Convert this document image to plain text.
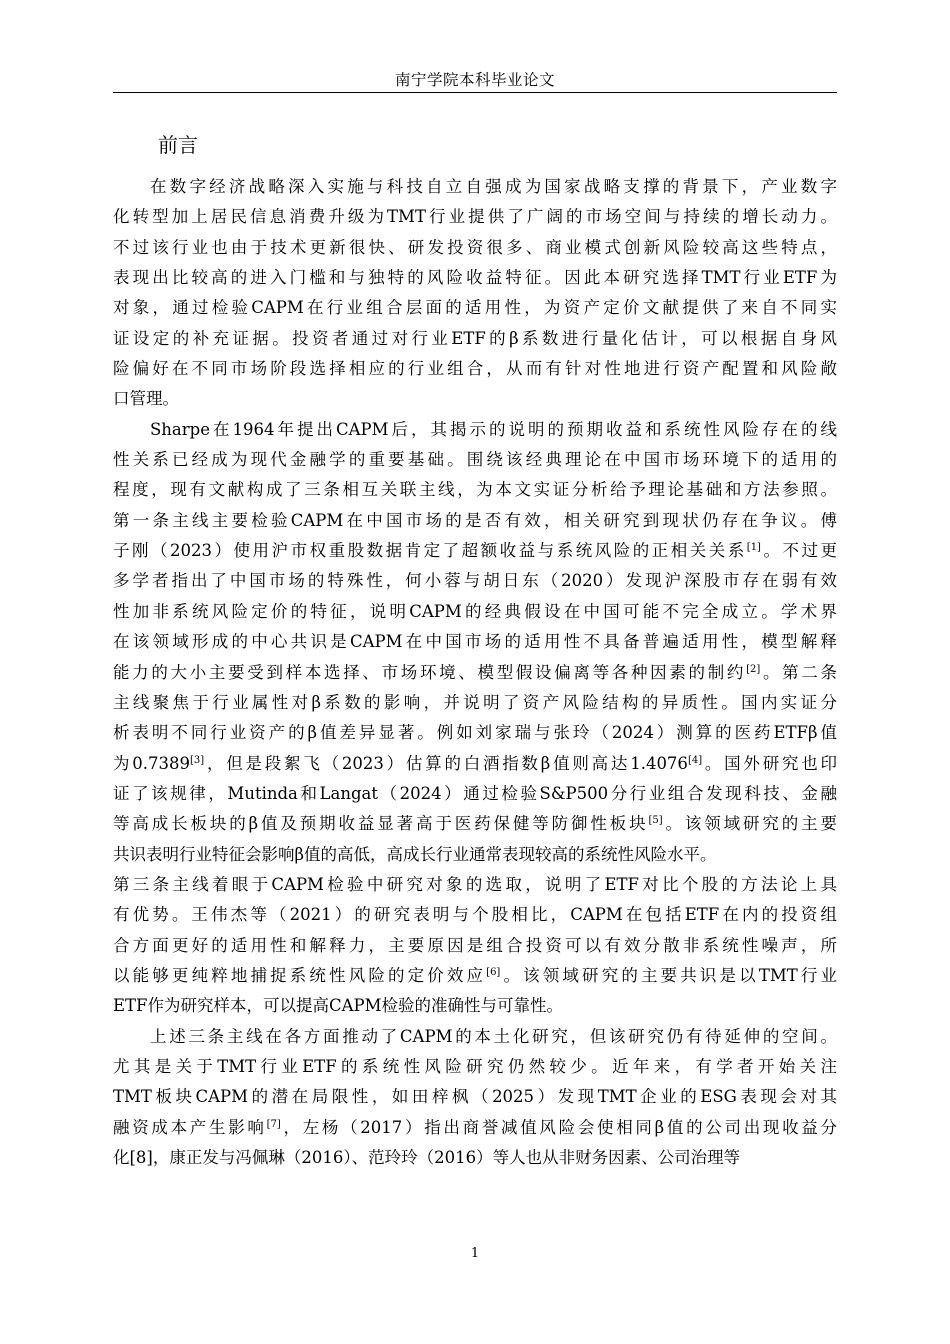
南宁学院本科毕业论文
前言

在数字经济战略深入实施与科技自立自强成为国家战略支撑的背景下，产业数字
化转型加上居民信息消费升级为TMT行业提供了广阔的市场空间与持续的增长动力。
不过该行业也由于技术更新很快、研发投资很多、商业模式创新风险较高这些特点，
表现出比较高的进入门槛和与独特的风险收益特征。因此本研究选择TMT行业ETF为
对象，通过检验CAPM在行业组合层面的适用性，为资产定价文献提供了来自不同实
证设定的补充证据。投资者通过对行业ETF的β系数进行量化估计，可以根据自身风
险偏好在不同市场阶段选择相应的行业组合，从而有针对性地进行资产配置和风险敞
口管理。

Sharpe在1964年提出CAPM后，其揭示的说明的预期收益和系统性风险存在的线
性关系已经成为现代金融学的重要基础。围绕该经典理论在中国市场环境下的适用的
程度，现有文献构成了三条相互关联主线，为本文实证分析给予理论基础和方法参照。
第一条主线主要检验CAPM在中国市场的是否有效，相关研究到现状仍存在争议。傅
子刚（2023）使用沪市权重股数据肯定了超额收益与系统风险的正相关关系[1]。不过更
多学者指出了中国市场的特殊性，何小蓉与胡日东（2020）发现沪深股市存在弱有效
性加非系统风险定价的特征，说明CAPM的经典假设在中国可能不完全成立。学术界
在该领域形成的中心共识是CAPM在中国市场的适用性不具备普遍适用性，模型解释
能力的大小主要受到样本选择、市场环境、模型假设偏离等各种因素的制约[2]。第二条
主线聚焦于行业属性对β系数的影响，并说明了资产风险结构的异质性。国内实证分
析表明不同行业资产的β值差异显著。例如刘家瑞与张玲（2024）测算的医药ETFβ值
为0.7389[3]，但是段絮飞（2023）估算的白酒指数β值则高达1.4076[4]。国外研究也印
证了该规律，Mutinda和Langat（2024）通过检验S&P500分行业组合发现科技、金融
等高成长板块的β值及预期收益显著高于医药保健等防御性板块[5]。该领域研究的主要
共识表明行业特征会影响β值的高低，高成长行业通常表现较高的系统性风险水平。
第三条主线着眼于CAPM检验中研究对象的选取，说明了ETF对比个股的方法论上具
有优势。王伟杰等（2021）的研究表明与个股相比，CAPM在包括ETF在内的投资组
合方面更好的适用性和解释力，主要原因是组合投资可以有效分散非系统性噪声，所
以能够更纯粹地捕捉系统性风险的定价效应[6]。该领域研究的主要共识是以TMT行业
ETF作为研究样本，可以提高CAPM检验的准确性与可靠性。

上述三条主线在各方面推动了CAPM的本土化研究，但该研究仍有待延伸的空间。
尤其是关于TMT行业ETF的系统性风险研究仍然较少。近年来，有学者开始关注
TMT板块CAPM的潜在局限性，如田梓枫（2025）发现TMT企业的ESG表现会对其
融资成本产生影响[7]，左杨（2017）指出商誉减值风险会使相同β值的公司出现收益分
化[8]，康正发与冯佩琳（2016）、范玲玲（2016）等人也从非财务因素、公司治理等

1
